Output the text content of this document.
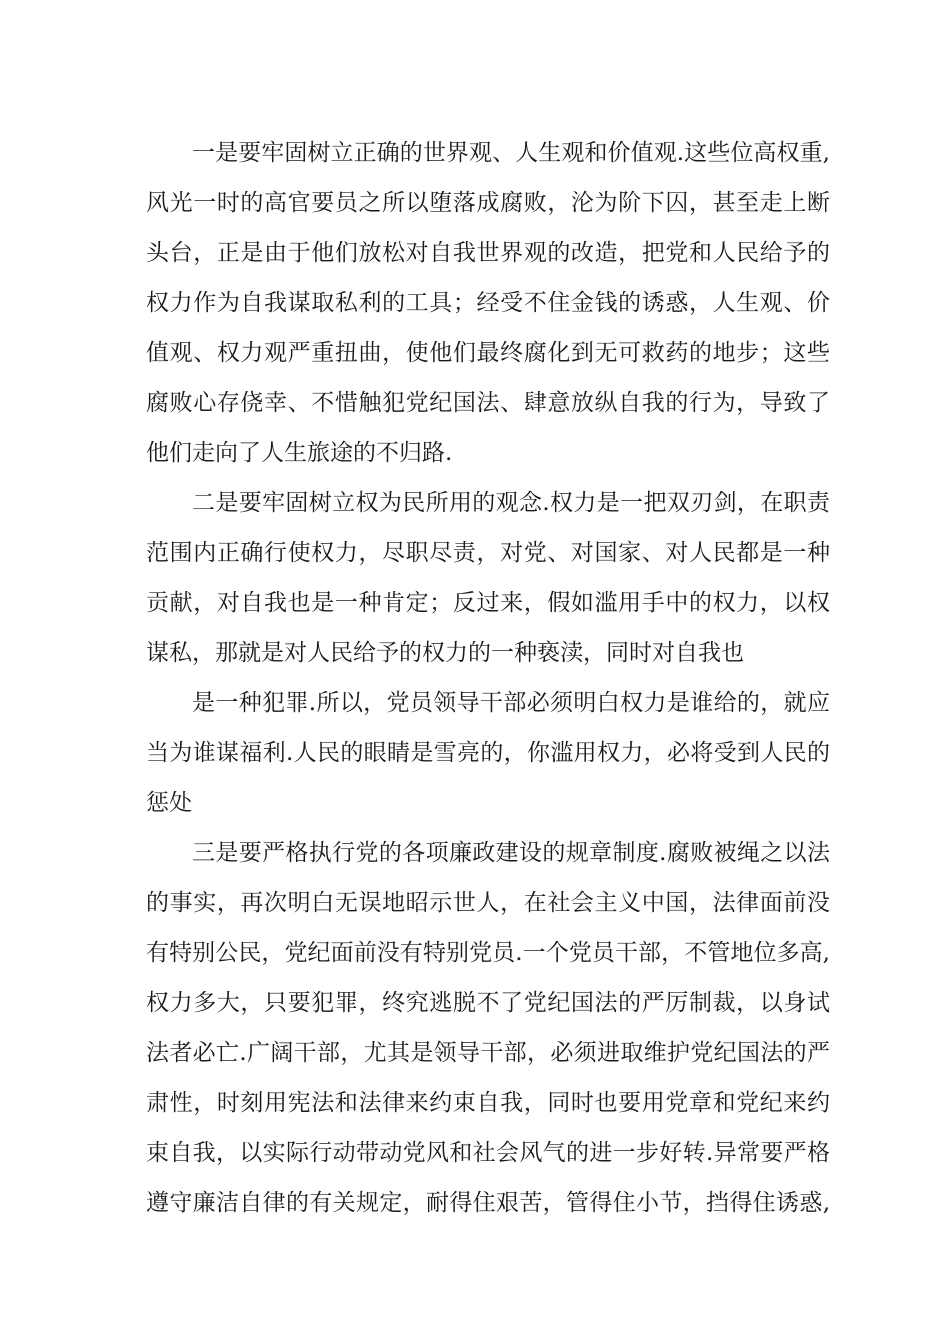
一是要牢固树立正确的世界观、人生观和价值观.这些位高权重,
风光一时的高官要员之所以堕落成腐败，沦为阶下囚，甚至走上断
头台，正是由于他们放松对自我世界观的改造，把党和人民给予的
权力作为自我谋取私利的工具；经受不住金钱的诱惑，人生观、价
值观、权力观严重扭曲，使他们最终腐化到无可救药的地步；这些
腐败心存侥幸、不惜触犯党纪国法、肆意放纵自我的行为，导致了
他们走向了人生旅途的不归路.
二是要牢固树立权为民所用的观念.权力是一把双刃剑，在职责
范围内正确行使权力，尽职尽责，对党、对国家、对人民都是一种
贡献，对自我也是一种肯定；反过来，假如滥用手中的权力，以权
谋私，那就是对人民给予的权力的一种亵渎，同时对自我也
是一种犯罪.所以，党员领导干部必须明白权力是谁给的，就应
当为谁谋福利.人民的眼睛是雪亮的，你滥用权力，必将受到人民的
惩处
三是要严格执行党的各项廉政建设的规章制度.腐败被绳之以法
的事实，再次明白无误地昭示世人，在社会主义中国，法律面前没
有特别公民，党纪面前没有特别党员.一个党员干部，不管地位多高,
权力多大，只要犯罪，终究逃脱不了党纪国法的严厉制裁，以身试
法者必亡.广阔干部，尤其是领导干部，必须进取维护党纪国法的严
肃性，时刻用宪法和法律来约束自我，同时也要用党章和党纪来约
束自我，以实际行动带动党风和社会风气的进一步好转.异常要严格
遵守廉洁自律的有关规定，耐得住艰苦，管得住小节，挡得住诱惑,
